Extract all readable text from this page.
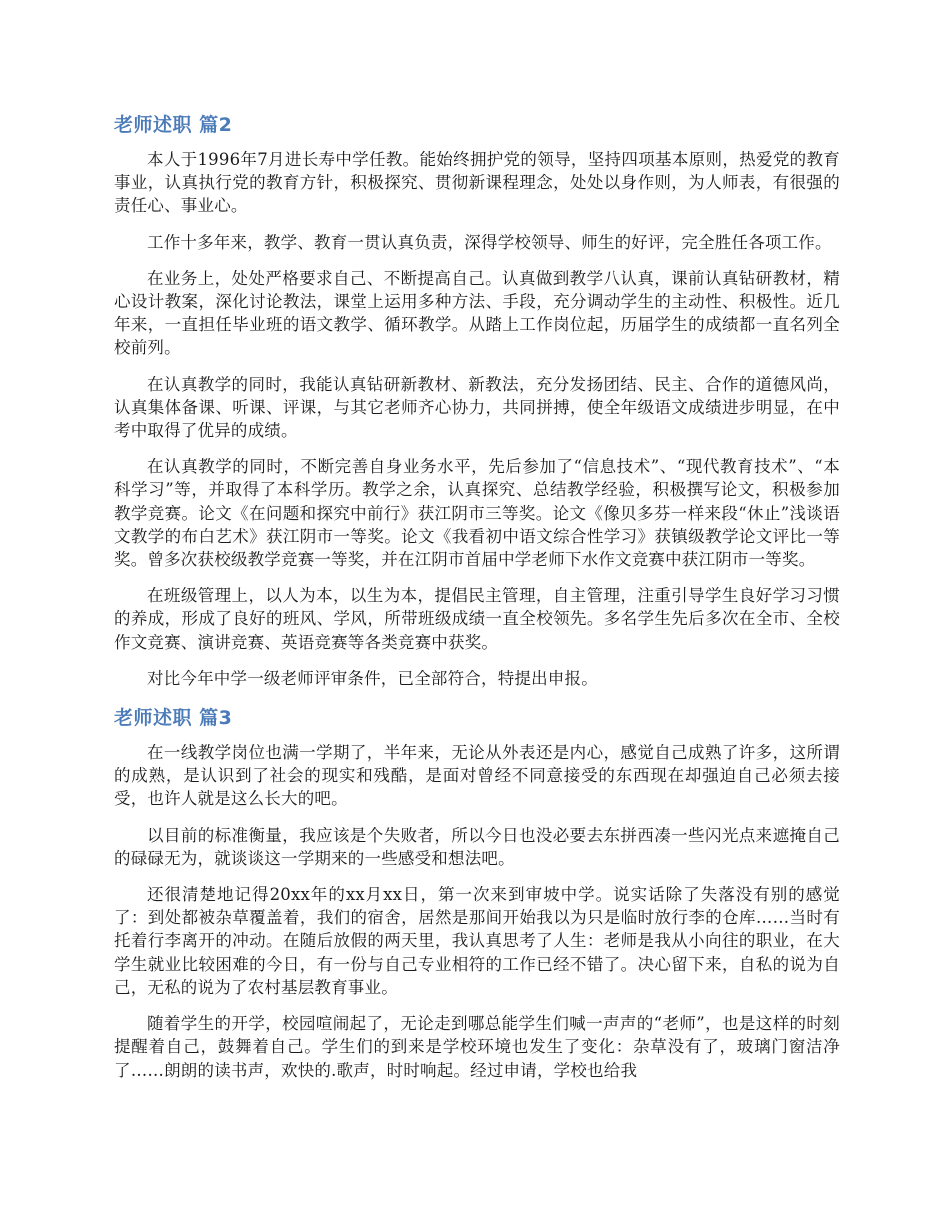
老师述职 篇2

本人于1996年7月进长寿中学任教。能始终拥护党的领导，坚持四项基本原则，热爱党的教育事业，认真执行党的教育方针，积极探究、贯彻新课程理念，处处以身作则，为人师表，有很强的责任心、事业心。

工作十多年来，教学、教育一贯认真负责，深得学校领导、师生的好评，完全胜任各项工作。

在业务上，处处严格要求自己、不断提高自己。认真做到教学八认真，课前认真钻研教材，精心设计教案，深化讨论教法，课堂上运用多种方法、手段，充分调动学生的主动性、积极性。近几年来，一直担任毕业班的语文教学、循环教学。从踏上工作岗位起，历届学生的成绩都一直名列全校前列。

在认真教学的同时，我能认真钻研新教材、新教法，充分发扬团结、民主、合作的道德风尚，认真集体备课、听课、评课，与其它老师齐心协力，共同拼搏，使全年级语文成绩进步明显，在中考中取得了优异的成绩。

在认真教学的同时，不断完善自身业务水平，先后参加了“信息技术”、“现代教育技术”、“本科学习”等，并取得了本科学历。教学之余，认真探究、总结教学经验，积极撰写论文，积极参加教学竞赛。论文《在问题和探究中前行》获江阴市三等奖。论文《像贝多芬一样来段“休止”浅谈语文教学的布白艺术》获江阴市一等奖。论文《我看初中语文综合性学习》获镇级教学论文评比一等奖。曾多次获校级教学竞赛一等奖，并在江阴市首届中学老师下水作文竞赛中获江阴市一等奖。

在班级管理上，以人为本，以生为本，提倡民主管理，自主管理，注重引导学生良好学习习惯的养成，形成了良好的班风、学风，所带班级成绩一直全校领先。多名学生先后多次在全市、全校作文竞赛、演讲竞赛、英语竞赛等各类竞赛中获奖。

对比今年中学一级老师评审条件，已全部符合，特提出申报。

老师述职 篇3

在一线教学岗位也满一学期了，半年来，无论从外表还是内心，感觉自己成熟了许多，这所谓的成熟，是认识到了社会的现实和残酷，是面对曾经不同意接受的东西现在却强迫自己必须去接受，也许人就是这么长大的吧。

以目前的标准衡量，我应该是个失败者，所以今日也没必要去东拼西凑一些闪光点来遮掩自己的碌碌无为，就谈谈这一学期来的一些感受和想法吧。

还很清楚地记得20xx年的xx月xx日，第一次来到审坡中学。说实话除了失落没有别的感觉了：到处都被杂草覆盖着，我们的宿舍，居然是那间开始我以为只是临时放行李的仓库……当时有托着行李离开的冲动。在随后放假的两天里，我认真思考了人生：老师是我从小向往的职业，在大学生就业比较困难的今日，有一份与自己专业相符的工作已经不错了。决心留下来，自私的说为自己，无私的说为了农村基层教育事业。

随着学生的开学，校园喧闹起了，无论走到哪总能学生们喊一声声的“老师”，也是这样的时刻提醒着自己，鼓舞着自己。学生们的到来是学校环境也发生了变化：杂草没有了，玻璃门窗洁净了……朗朗的读书声，欢快的.歌声，时时响起。经过申请，学校也给我
